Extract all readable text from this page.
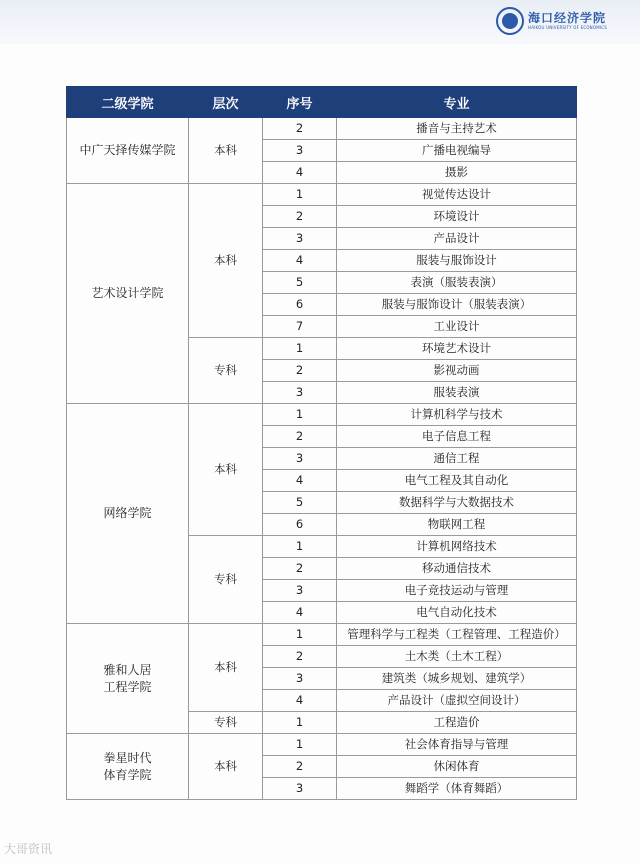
海口经济学院
HAIKOU UNIVERSITY OF ECONOMICS
二级学院	层次	序号	专业
中广天择传媒学院	本科	2	播音与主持艺术
		3	广播电视编导
		4	摄影
艺术设计学院	本科	1	视觉传达设计
		2	环境设计
		3	产品设计
		4	服装与服饰设计
		5	表演（服装表演）
		6	服装与服饰设计（服装表演）
		7	工业设计
	专科	1	环境艺术设计
		2	影视动画
		3	服装表演
网络学院	本科	1	计算机科学与技术
		2	电子信息工程
		3	通信工程
		4	电气工程及其自动化
		5	数据科学与大数据技术
		6	物联网工程
	专科	1	计算机网络技术
		2	移动通信技术
		3	电子竞技运动与管理
		4	电气自动化技术
雅和人居
工程学院	本科	1	管理科学与工程类（工程管理、工程造价）
		2	土木类（土木工程）
		3	建筑类（城乡规划、建筑学）
		4	产品设计（虚拟空间设计）
	专科	1	工程造价
拳星时代
体育学院	本科	1	社会体育指导与管理
		2	休闲体育
		3	舞蹈学（体育舞蹈）
大哥资讯
